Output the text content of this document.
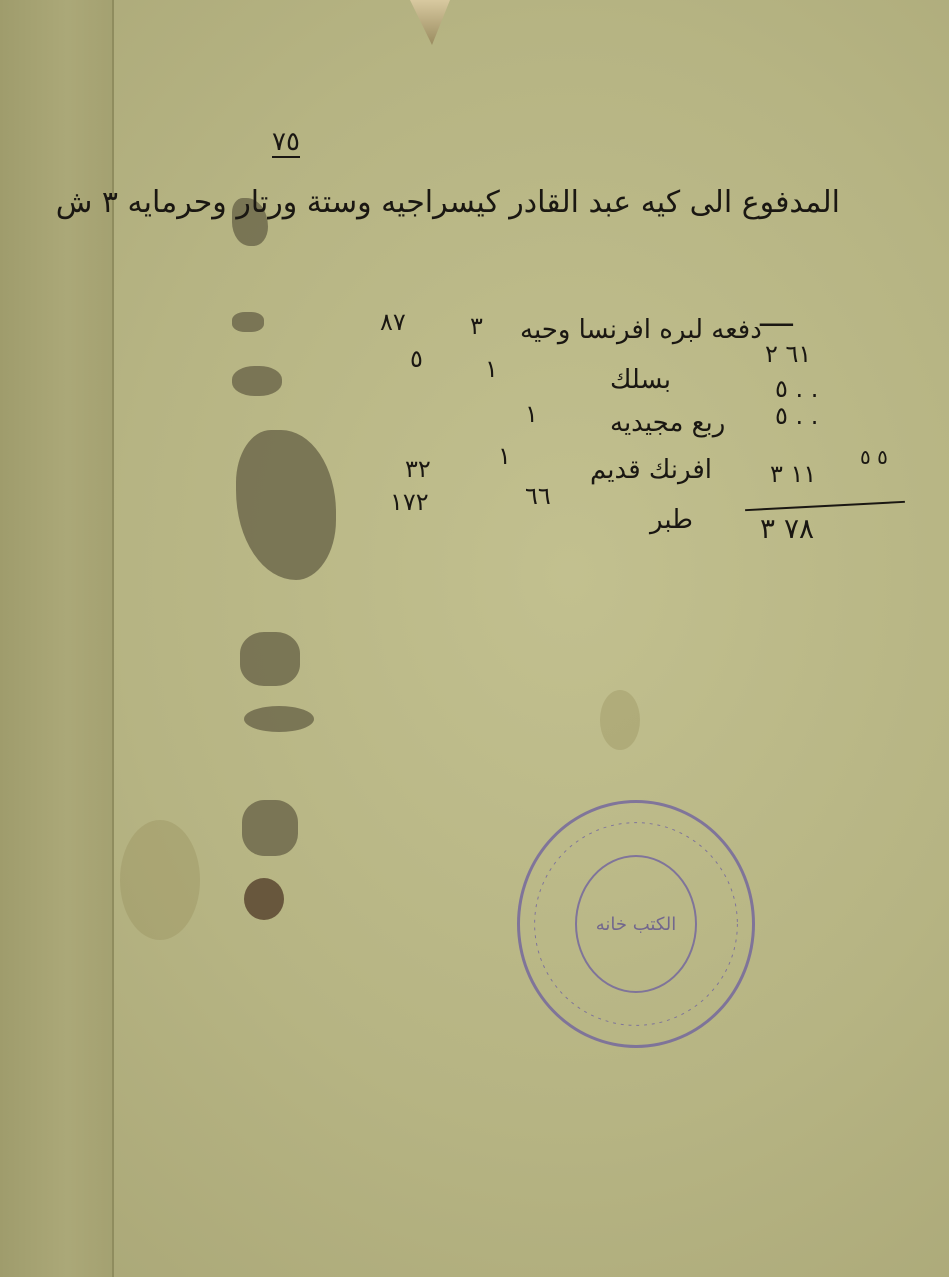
٧٥
المدفوع الى كيه عبد القادر كيسراجيه وستة ورتار وحرمايه ٣ ش
ــــ
دفعه لبره افرنسا وحيه
٣
٨٧
٦١ ٢
بسلك
١
٥
٥ . .
ربع مجيديه
١	٥ . .
افرنك قديم
١
٣٢	١١ ٣
٥ ٥
طبر
٦٦
١٧٢
٧٨ ٣
الكتب خانه
